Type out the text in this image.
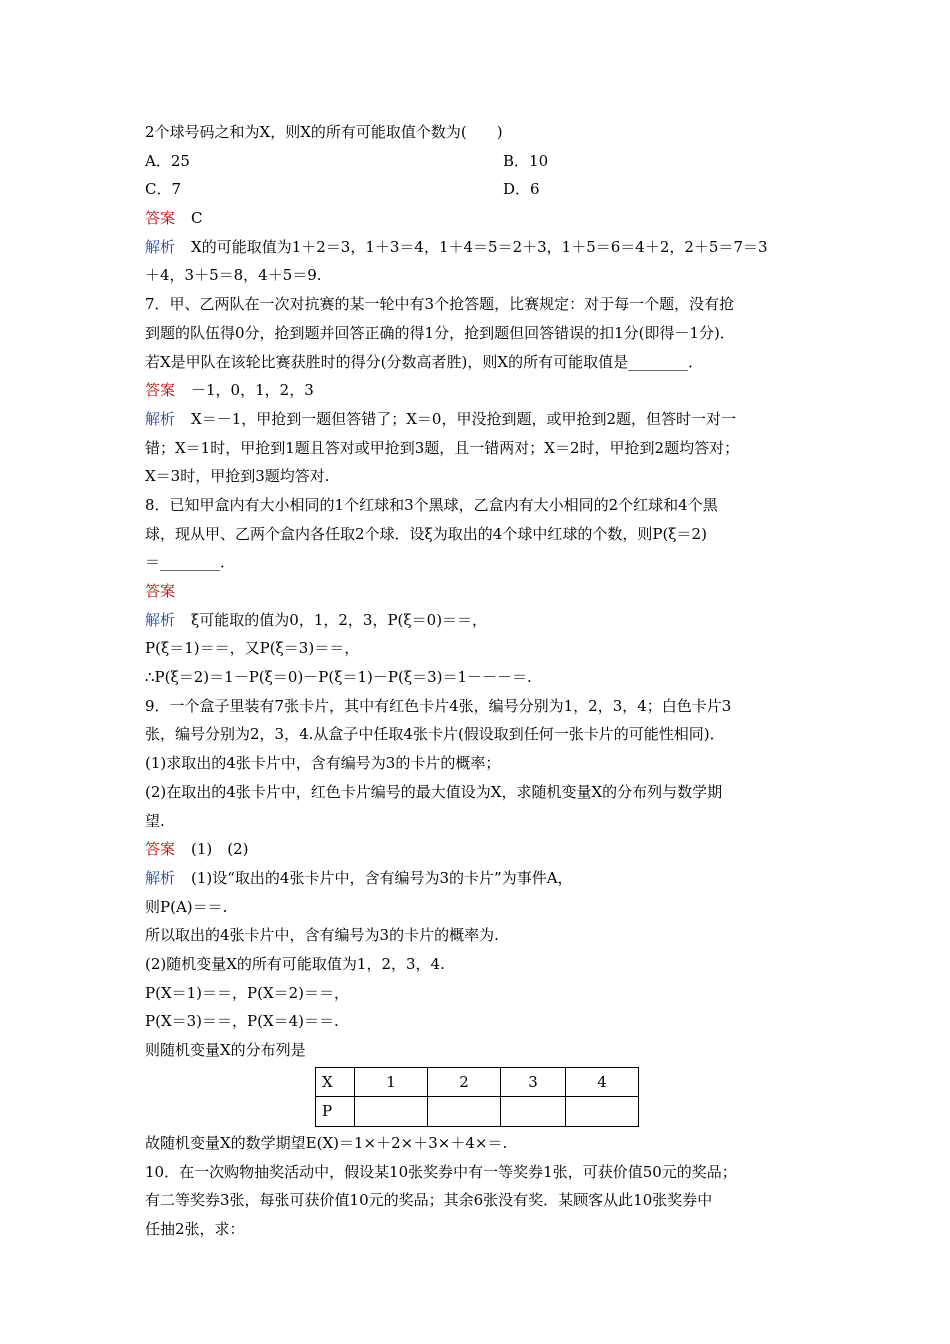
2个球号码之和为X，则X的所有可能取值个数为(　　)
A．25	B．10
C．7	D．6
答案 C
解析 X的可能取值为1＋2＝3，1＋3＝4，1＋4＝5＝2＋3，1＋5＝6＝4＋2，2＋5＝7＝3
＋4，3＋5＝8，4＋5＝9.
7．甲、乙两队在一次对抗赛的某一轮中有3个抢答题，比赛规定：对于每一个题，没有抢
到题的队伍得0分，抢到题并回答正确的得1分，抢到题但回答错误的扣1分(即得－1分)．
若X是甲队在该轮比赛获胜时的得分(分数高者胜)，则X的所有可能取值是________．
答案 －1，0，1，2，3
解析 X＝－1，甲抢到一题但答错了；X＝0，甲没抢到题，或甲抢到2题，但答时一对一
错；X＝1时，甲抢到1题且答对或甲抢到3题，且一错两对；X＝2时，甲抢到2题均答对；
X＝3时，甲抢到3题均答对.
8．已知甲盒内有大小相同的1个红球和3个黑球，乙盒内有大小相同的2个红球和4个黑
球，现从甲、乙两个盒内各任取2个球．设ξ为取出的4个球中红球的个数，则P(ξ＝2)
＝________．
答案
解析 ξ可能取的值为0，1，2，3，P(ξ＝0)＝＝，
P(ξ＝1)＝＝，又P(ξ＝3)＝＝，
∴P(ξ＝2)＝1－P(ξ＝0)－P(ξ＝1)－P(ξ＝3)＝1－－－＝.
9．一个盒子里装有7张卡片，其中有红色卡片4张，编号分别为1，2，3，4；白色卡片3
张，编号分别为2，3，4.从盒子中任取4张卡片(假设取到任何一张卡片的可能性相同)．
(1)求取出的4张卡片中，含有编号为3的卡片的概率；
(2)在取出的4张卡片中，红色卡片编号的最大值设为X，求随机变量X的分布列与数学期
望.
答案 (1)　(2)
解析 (1)设“取出的4张卡片中，含有编号为3的卡片”为事件A，
则P(A)＝＝.
所以取出的4张卡片中，含有编号为3的卡片的概率为.
(2)随机变量X的所有可能取值为1，2，3，4.
P(X＝1)＝＝，P(X＝2)＝＝，
P(X＝3)＝＝，P(X＝4)＝＝.
则随机变量X的分布列是
X	1	2	3	4
P				
故随机变量X的数学期望E(X)＝1×＋2×＋3×＋4×＝.
10．在一次购物抽奖活动中，假设某10张奖券中有一等奖券1张，可获价值50元的奖品；
有二等奖券3张，每张可获价值10元的奖品；其余6张没有奖．某顾客从此10张奖券中
任抽2张，求：
